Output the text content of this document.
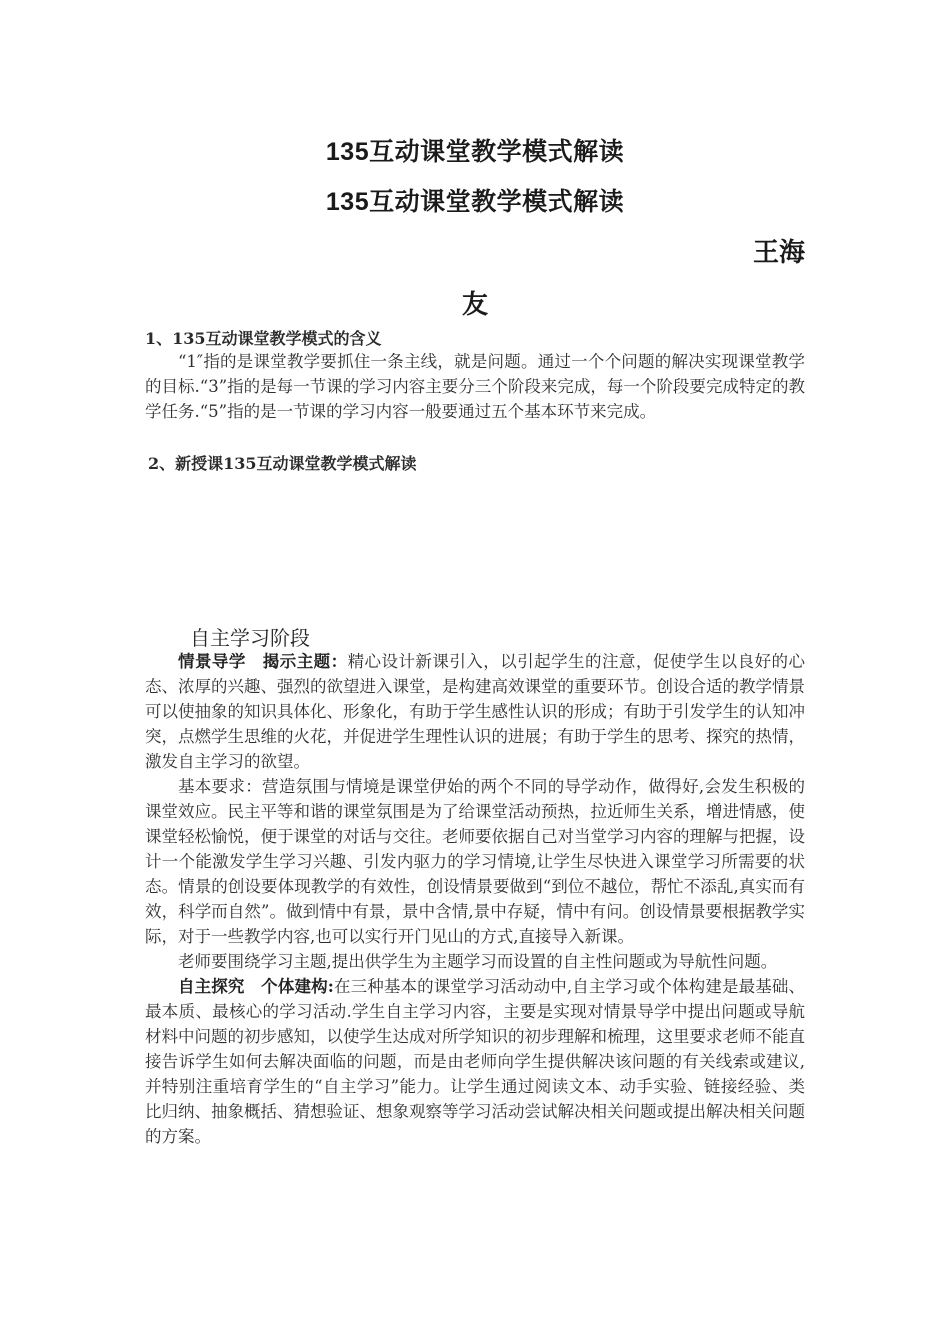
135互动课堂教学模式解读
135互动课堂教学模式解读
王海
友
1、135互动课堂教学模式的含义

“1″指的是课堂教学要抓住一条主线，就是问题。通过一个个问题的解决实现课堂教学的目标.“3”指的是每一节课的学习内容主要分三个阶段来完成，每一个阶段要完成特定的教学任务.“5”指的是一节课的学习内容一般要通过五个基本环节来完成。

2、新授课135互动课堂教学模式解读
自主学习阶段

情景导学　揭示主题：精心设计新课引入，以引起学生的注意，促使学生以良好的心态、浓厚的兴趣、强烈的欲望进入课堂，是构建高效课堂的重要环节。创设合适的教学情景可以使抽象的知识具体化、形象化，有助于学生感性认识的形成；有助于引发学生的认知冲突，点燃学生思维的火花，并促进学生理性认识的进展；有助于学生的思考、探究的热情，激发自主学习的欲望。

基本要求：营造氛围与情境是课堂伊始的两个不同的导学动作，做得好,会发生积极的课堂效应。民主平等和谐的课堂氛围是为了给课堂活动预热，拉近师生关系，增进情感，使课堂轻松愉悦，便于课堂的对话与交往。老师要依据自己对当堂学习内容的理解与把握，设计一个能激发学生学习兴趣、引发内驱力的学习情境,让学生尽快进入课堂学习所需要的状态。情景的创设要体现教学的有效性，创设情景要做到“到位不越位，帮忙不添乱,真实而有效，科学而自然”。做到情中有景，景中含情,景中存疑，情中有问。创设情景要根据教学实际，对于一些教学内容,也可以实行开门见山的方式,直接导入新课。

老师要围绕学习主题,提出供学生为主题学习而设置的自主性问题或为导航性问题。

自主探究　个体建构:在三种基本的课堂学习活动动中,自主学习或个体构建是最基础、最本质、最核心的学习活动.学生自主学习内容，主要是实现对情景导学中提出问题或导航材料中问题的初步感知，以使学生达成对所学知识的初步理解和梳理，这里要求老师不能直接告诉学生如何去解决面临的问题，而是由老师向学生提供解决该问题的有关线索或建议,并特别注重培育学生的“自主学习”能力。让学生通过阅读文本、动手实验、链接经验、类比归纳、抽象概括、猜想验证、想象观察等学习活动尝试解决相关问题或提出解决相关问题的方案。
